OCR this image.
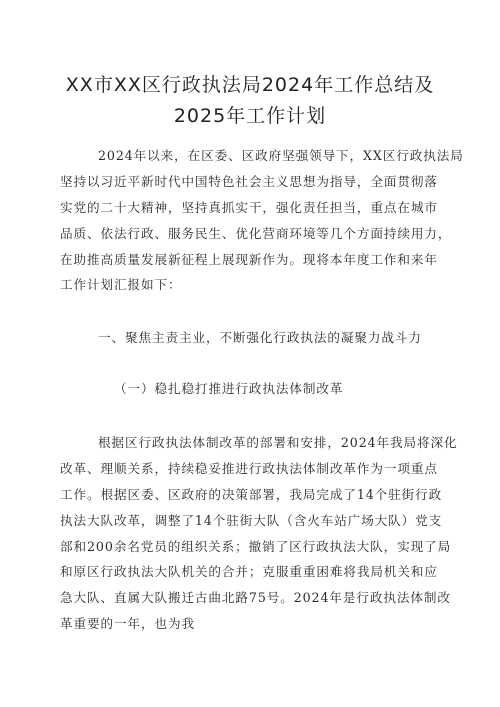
XX市XX区行政执法局2024年工作总结及
2025年工作计划
2024年以来，在区委、区政府坚强领导下，XX区行政执法局
坚持以习近平新时代中国特色社会主义思想为指导，全面贯彻落
实党的二十大精神，坚持真抓实干，强化责任担当，重点在城市
品质、依法行政、服务民生、优化营商环境等几个方面持续用力，
在助推高质量发展新征程上展现新作为。现将本年度工作和来年
工作计划汇报如下：
一、聚焦主责主业，不断强化行政执法的凝聚力战斗力
（一）稳扎稳打推进行政执法体制改革
根据区行政执法体制改革的部署和安排，2024年我局将深化
改革、理顺关系，持续稳妥推进行政执法体制改革作为一项重点
工作。根据区委、区政府的决策部署，我局完成了14个驻街行政
执法大队改革，调整了14个驻街大队（含火车站广场大队）党支
部和200余名党员的组织关系；撤销了区行政执法大队，实现了局
和原区行政执法大队机关的合并；克服重重困难将我局机关和应
急大队、直属大队搬迁古曲北路75号。2024年是行政执法体制改
革重要的一年，也为我
